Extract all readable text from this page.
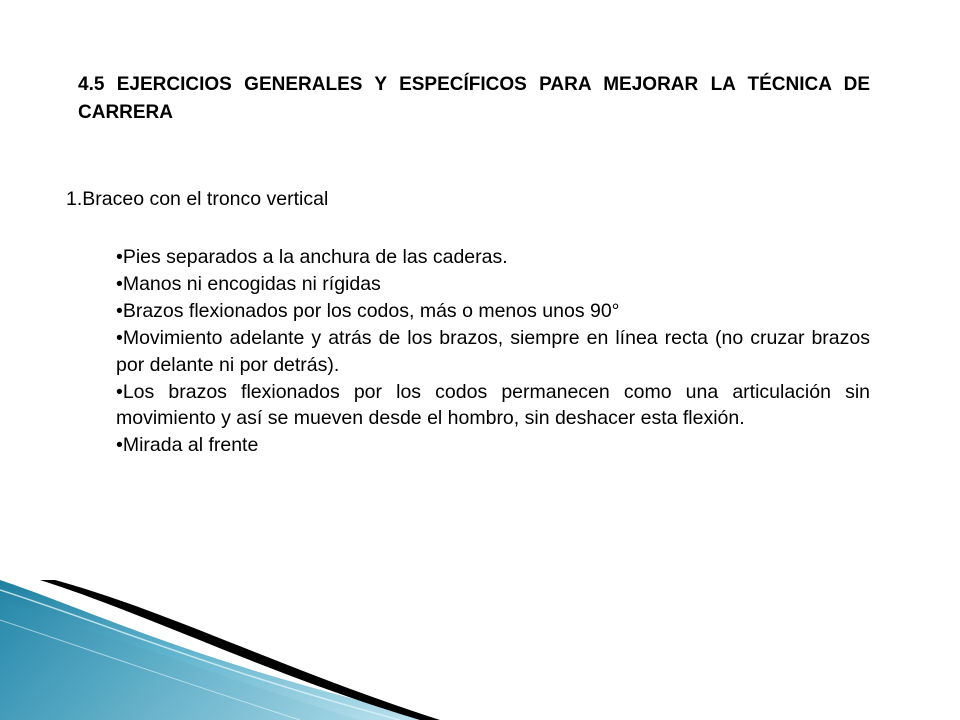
4.5 EJERCICIOS GENERALES Y ESPECÍFICOS PARA MEJORAR LA TÉCNICA DE CARRERA
1.Braceo con el tronco vertical
•Pies separados a la anchura de las caderas.
•Manos ni encogidas ni rígidas
•Brazos flexionados por los codos, más o menos unos 90°
•Movimiento adelante y atrás de los brazos, siempre en línea recta (no cruzar brazos por delante ni por detrás).
•Los brazos flexionados por los codos permanecen como una articulación sin movimiento y así se mueven desde el hombro, sin deshacer esta flexión.
•Mirada al frente
